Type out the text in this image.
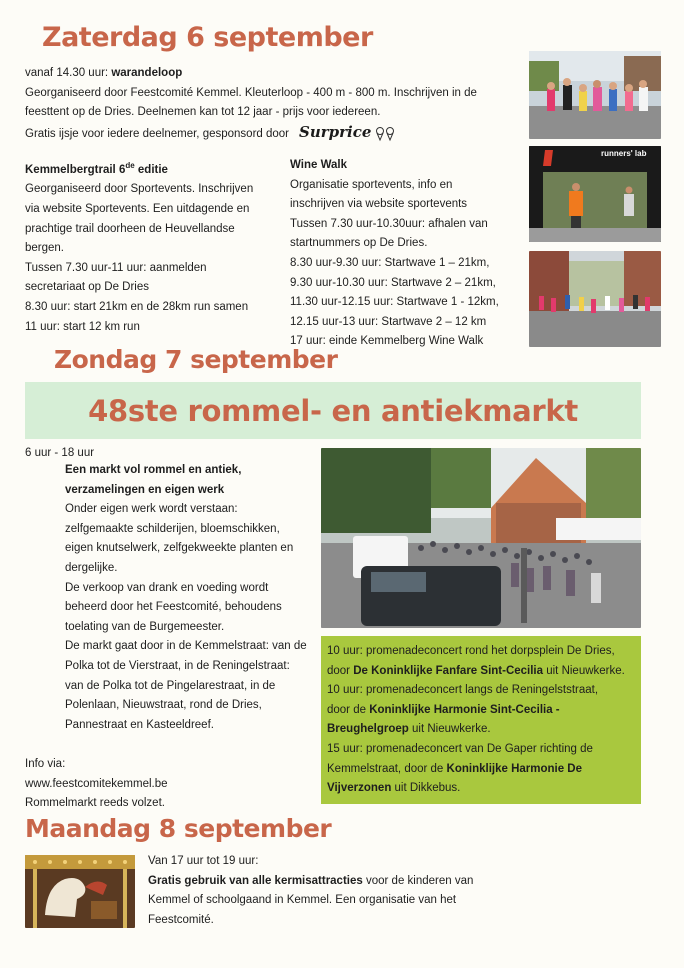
Zaterdag 6 september
vanaf 14.30 uur: warandeloop
Georganiseerd door Feestcomité Kemmel. Kleuterloop - 400 m - 800 m. Inschrijven in de
feesttent op de Dries. Deelnemen kan tot 12 jaar - prijs voor iedereen.
Gratis ijsje voor iedere deelnemer, gesponsord door Surprice
Kemmelbergtrail 6de editie
Georganiseerd door Sportevents. Inschrijven
via website Sportevents. Een uitdagende en
prachtige trail doorheen de Heuvellandse
bergen.
Tussen 7.30 uur-11 uur: aanmelden
secretariaat op De Dries
8.30 uur: start 21km en de 28km run samen
11 uur: start 12 km run
Wine Walk
Organisatie sportevents, info en
inschrijven via website sportevents
Tussen 7.30 uur-10.30uur: afhalen van
startnummers op De Dries.
8.30 uur-9.30 uur: Startwave 1 – 21km,
9.30 uur-10.30 uur: Startwave 2 – 21km,
11.30 uur-12.15 uur: Startwave 1 - 12km,
12.15 uur-13 uur: Startwave 2 – 12 km
17 uur: einde Kemmelberg Wine Walk
runners' lab
Zondag 7 september
48ste rommel- en antiekmarkt
6 uur - 18 uur
Een markt vol rommel en antiek,
verzamelingen en eigen werk
Onder eigen werk wordt verstaan:
zelfgemaakte schilderijen, bloemschikken,
eigen knutselwerk, zelfgekweekte planten en
dergelijke.
De verkoop van drank en voeding wordt
beheerd door het Feestcomité, behoudens
toelating van de Burgemeester.
De markt gaat door in de Kemmelstraat: van de
Polka tot de Vierstraat, in de Reningelstraat:
van de Polka tot de Pingelarestraat, in de
Polenlaan, Nieuwstraat, rond de Dries,
Pannestraat en Kasteeldreef.
Info via:
www.feestcomitekemmel.be
Rommelmarkt reeds volzet.
10 uur: promenadeconcert rond het dorpsplein De Dries,
door De Koninklijke Fanfare Sint-Cecilia uit Nieuwkerke.
10 uur: promenadeconcert langs de Reningelststraat,
door de Koninklijke Harmonie Sint-Cecilia -
Breughelgroep uit Nieuwkerke.
15 uur: promenadeconcert van De Gaper richting de
Kemmelstraat, door de Koninklijke Harmonie De
Vijverzonen uit Dikkebus.
Maandag 8 september
Van 17 uur tot 19 uur:
Gratis gebruik van alle kermisattracties voor de kinderen van
Kemmel of schoolgaand in Kemmel. Een organisatie van het
Feestcomité.
